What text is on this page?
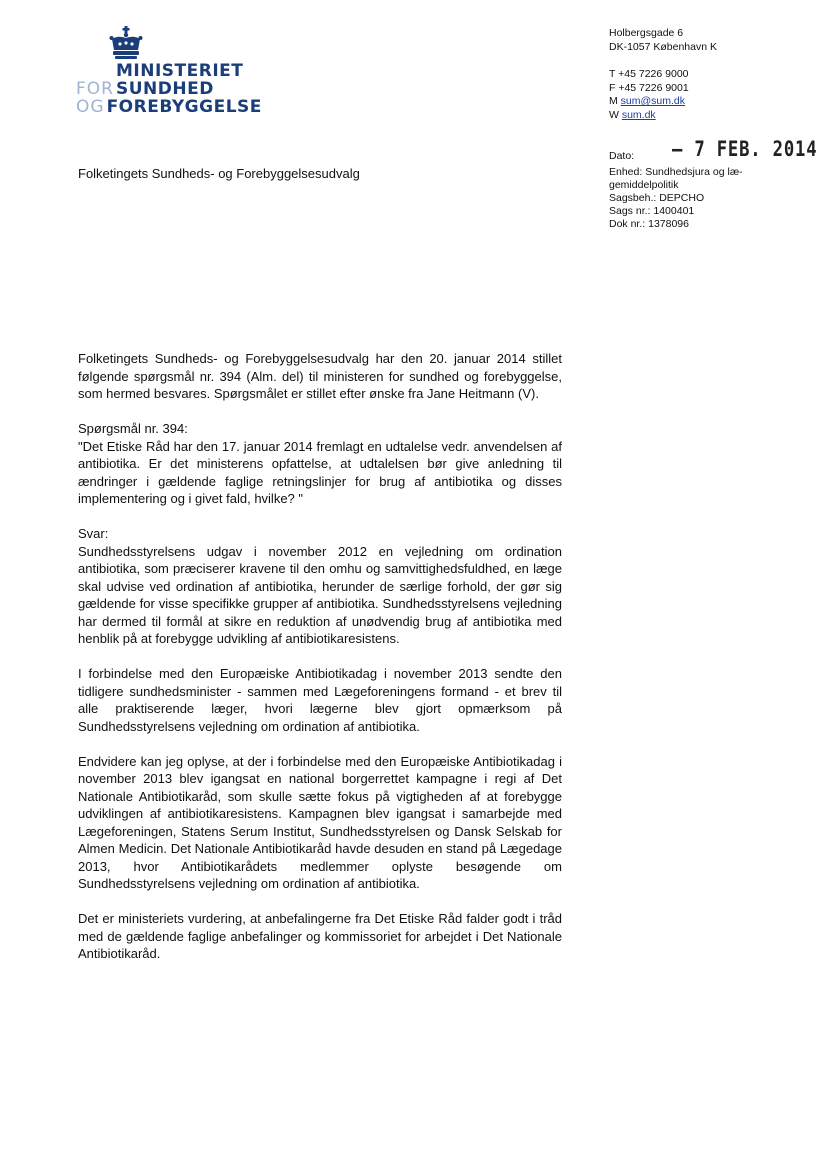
MINISTERIET
FOR SUNDHED
OG FOREBYGGELSE
Holbergsgade 6
DK-1057 København K
T +45 7226 9000
F +45 7226 9001
M sum@sum.dk
W sum.dk
– 7 FEB. 2014
Dato:
Enhed: Sundhedsjura og læ-gemiddelpolitik
Sagsbeh.: DEPCHO
Sags nr.: 1400401
Dok nr.: 1378096
Folketingets Sundheds- og Forebyggelsesudvalg

Folketingets Sundheds- og Forebyggelsesudvalg har den 20. januar 2014 stillet følgende spørgsmål nr. 394 (Alm. del) til ministeren for sundhed og forebyggelse, som hermed besvares. Spørgsmålet er stillet efter ønske fra Jane Heitmann (V).

Spørgsmål nr. 394:

"Det Etiske Råd har den 17. januar 2014 fremlagt en udtalelse vedr. anvendelsen af antibiotika. Er det ministerens opfattelse, at udtalelsen bør give anledning til ændringer i gældende faglige retningslinjer for brug af antibiotika og disses implementering og i givet fald, hvilke? "

Svar:

Sundhedsstyrelsens udgav i november 2012 en vejledning om ordination antibiotika, som præciserer kravene til den omhu og samvittighedsfuldhed, en læge skal udvise ved ordination af antibiotika, herunder de særlige forhold, der gør sig gældende for visse specifikke grupper af antibiotika. Sundhedsstyrelsens vejledning har dermed til formål at sikre en reduktion af unødvendig brug af antibiotika med henblik på at forebygge udvikling af antibiotikaresistens.

I forbindelse med den Europæiske Antibiotikadag i november 2013 sendte den tidligere sundhedsminister - sammen med Lægeforeningens formand - et brev til alle praktiserende læger, hvori lægerne blev gjort opmærksom på Sundhedsstyrelsens vejledning om ordination af antibiotika.

Endvidere kan jeg oplyse, at der i forbindelse med den Europæiske Antibiotikadag i november 2013 blev igangsat en national borgerrettet kampagne i regi af Det Nationale Antibiotikaråd, som skulle sætte fokus på vigtigheden af at forebygge udviklingen af antibiotikaresistens. Kampagnen blev igangsat i samarbejde med Lægeforeningen, Statens Serum Institut, Sundhedsstyrelsen og Dansk Selskab for Almen Medicin. Det Nationale Antibiotikaråd havde desuden en stand på Lægedage 2013, hvor Antibiotikarådets medlemmer oplyste besøgende om Sundhedsstyrelsens vejledning om ordination af antibiotika.

Det er ministeriets vurdering, at anbefalingerne fra Det Etiske Råd falder godt i tråd med de gældende faglige anbefalinger og kommissoriet for arbejdet i Det Nationale Antibiotikaråd.
